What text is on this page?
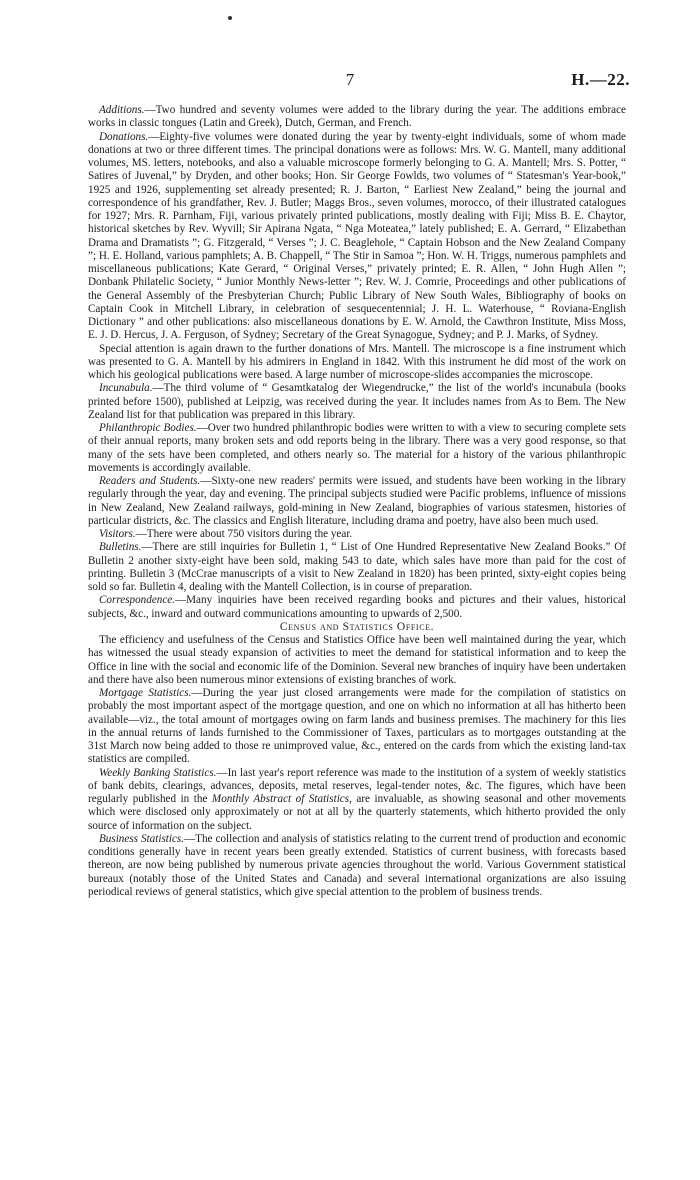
7	H.—22.

Additions.—Two hundred and seventy volumes were added to the library during the year. The additions embrace works in classic tongues (Latin and Greek), Dutch, German, and French.

Donations.—Eighty-five volumes were donated during the year by twenty-eight individuals, some of whom made donations at two or three different times. The principal donations were as follows: Mrs. W. G. Mantell, many additional volumes, MS. letters, notebooks, and also a valuable microscope formerly belonging to G. A. Mantell; Mrs. S. Potter, “ Satires of Juvenal,” by Dryden, and other books; Hon. Sir George Fowlds, two volumes of “ Statesman's Year-book,” 1925 and 1926, supplementing set already presented; R. J. Barton, “ Earliest New Zealand,” being the journal and correspondence of his grandfather, Rev. J. Butler; Maggs Bros., seven volumes, morocco, of their illustrated catalogues for 1927; Mrs. R. Parnham, Fiji, various privately printed publications, mostly dealing with Fiji; Miss B. E. Chaytor, historical sketches by Rev. Wyvill; Sir Apirana Ngata, “ Nga Moteatea,” lately published; E. A. Gerrard, “ Elizabethan Drama and Dramatists ”; G. Fitzgerald, “ Verses ”; J. C. Beaglehole, “ Captain Hobson and the New Zealand Company ”; H. E. Holland, various pamphlets; A. B. Chappell, “ The Stir in Samoa ”; Hon. W. H. Triggs, numerous pamphlets and miscellaneous publications; Kate Gerard, “ Original Verses,” privately printed; E. R. Allen, “ John Hugh Allen ”; Donbank Philatelic Society, “ Junior Monthly News-letter ”; Rev. W. J. Comrie, Proceedings and other publications of the General Assembly of the Presbyterian Church; Public Library of New South Wales, Bibliography of books on Captain Cook in Mitchell Library, in celebration of sesquecentennial; J. H. L. Waterhouse, “ Roviana-English Dictionary ” and other publications: also miscellaneous donations by E. W. Arnold, the Cawthron Institute, Miss Moss, E. J. D. Hercus, J. A. Ferguson, of Sydney; Secretary of the Great Synagogue, Sydney; and P. J. Marks, of Sydney.

Special attention is again drawn to the further donations of Mrs. Mantell. The microscope is a fine instrument which was presented to G. A. Mantell by his admirers in England in 1842. With this instrument he did most of the work on which his geological publications were based. A large number of microscope-slides accompanies the microscope.

Incunabula.—The third volume of “ Gesamtkatalog der Wiegendrucke,” the list of the world's incunabula (books printed before 1500), published at Leipzig, was received during the year. It includes names from As to Bem. The New Zealand list for that publication was prepared in this library.

Philanthropic Bodies.—Over two hundred philanthropic bodies were written to with a view to securing complete sets of their annual reports, many broken sets and odd reports being in the library. There was a very good response, so that many of the sets have been completed, and others nearly so. The material for a history of the various philanthropic movements is accordingly available.

Readers and Students.—Sixty-one new readers' permits were issued, and students have been working in the library regularly through the year, day and evening. The principal subjects studied were Pacific problems, influence of missions in New Zealand, New Zealand railways, gold-mining in New Zealand, biographies of various statesmen, histories of particular districts, &c. The classics and English literature, including drama and poetry, have also been much used.

Visitors.—There were about 750 visitors during the year.

Bulletins.—There are still inquiries for Bulletin 1, “ List of One Hundred Representative New Zealand Books.” Of Bulletin 2 another sixty-eight have been sold, making 543 to date, which sales have more than paid for the cost of printing. Bulletin 3 (McCrae manuscripts of a visit to New Zealand in 1820) has been printed, sixty-eight copies being sold so far. Bulletin 4, dealing with the Mantell Collection, is in course of preparation.

Correspondence.—Many inquiries have been received regarding books and pictures and their values, historical subjects, &c., inward and outward communications amounting to upwards of 2,500.

Census and Statistics Office.

The efficiency and usefulness of the Census and Statistics Office have been well maintained during the year, which has witnessed the usual steady expansion of activities to meet the demand for statistical information and to keep the Office in line with the social and economic life of the Dominion. Several new branches of inquiry have been undertaken and there have also been numerous minor extensions of existing branches of work.

Mortgage Statistics.—During the year just closed arrangements were made for the compilation of statistics on probably the most important aspect of the mortgage question, and one on which no information at all has hitherto been available—viz., the total amount of mortgages owing on farm lands and business premises. The machinery for this lies in the annual returns of lands furnished to the Commissioner of Taxes, particulars as to mortgages outstanding at the 31st March now being added to those re unimproved value, &c., entered on the cards from which the existing land-tax statistics are compiled.

Weekly Banking Statistics.—In last year's report reference was made to the institution of a system of weekly statistics of bank debits, clearings, advances, deposits, metal reserves, legal-tender notes, &c. The figures, which have been regularly published in the Monthly Abstract of Statistics, are invaluable, as showing seasonal and other movements which were disclosed only approximately or not at all by the quarterly statements, which hitherto provided the only source of information on the subject.

Business Statistics.—The collection and analysis of statistics relating to the current trend of production and economic conditions generally have in recent years been greatly extended. Statistics of current business, with forecasts based thereon, are now being published by numerous private agencies throughout the world. Various Government statistical bureaux (notably those of the United States and Canada) and several international organizations are also issuing periodical reviews of general statistics, which give special attention to the problem of business trends.
